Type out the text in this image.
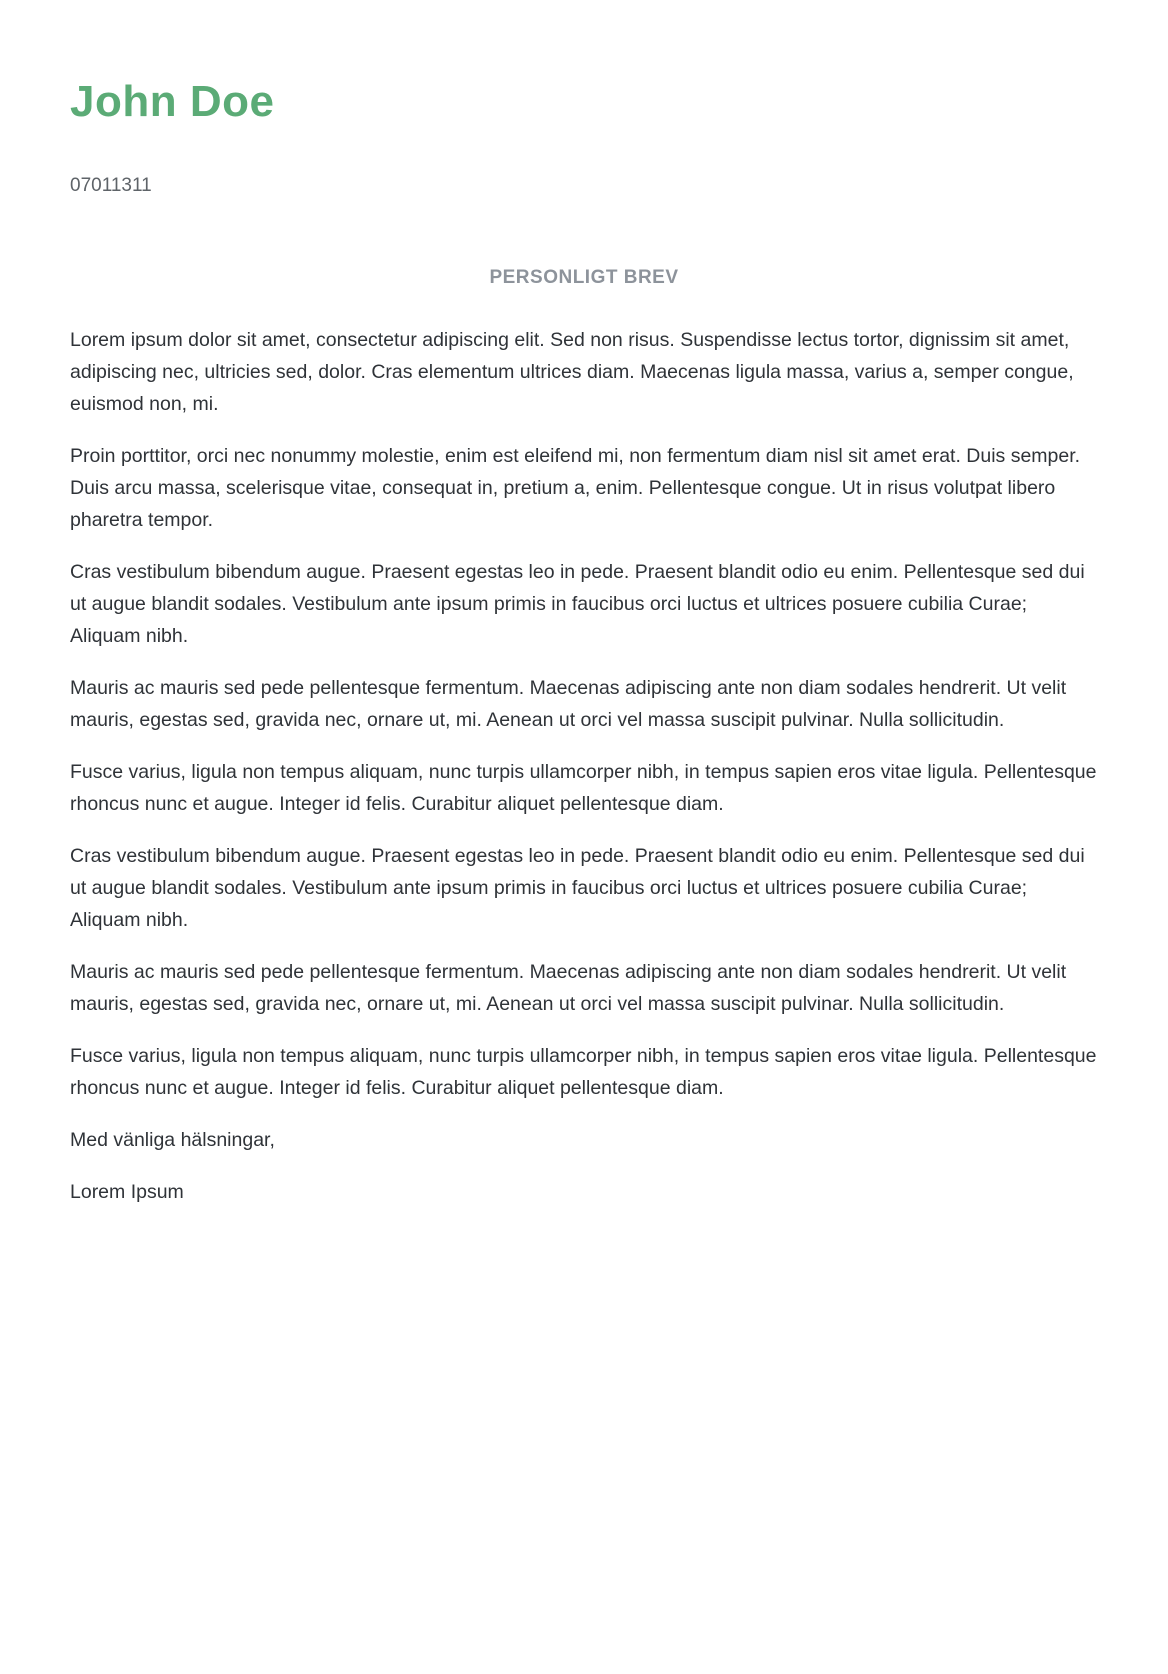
John Doe
07011311
PERSONLIGT BREV

Lorem ipsum dolor sit amet, consectetur adipiscing elit. Sed non risus. Suspendisse lectus tortor, dignissim sit amet, adipiscing nec, ultricies sed, dolor. Cras elementum ultrices diam. Maecenas ligula massa, varius a, semper congue, euismod non, mi.

Proin porttitor, orci nec nonummy molestie, enim est eleifend mi, non fermentum diam nisl sit amet erat. Duis semper. Duis arcu massa, scelerisque vitae, consequat in, pretium a, enim. Pellentesque congue. Ut in risus volutpat libero pharetra tempor.

Cras vestibulum bibendum augue. Praesent egestas leo in pede. Praesent blandit odio eu enim. Pellentesque sed dui ut augue blandit sodales. Vestibulum ante ipsum primis in faucibus orci luctus et ultrices posuere cubilia Curae; Aliquam nibh.

Mauris ac mauris sed pede pellentesque fermentum. Maecenas adipiscing ante non diam sodales hendrerit. Ut velit mauris, egestas sed, gravida nec, ornare ut, mi. Aenean ut orci vel massa suscipit pulvinar. Nulla sollicitudin.

Fusce varius, ligula non tempus aliquam, nunc turpis ullamcorper nibh, in tempus sapien eros vitae ligula. Pellentesque rhoncus nunc et augue. Integer id felis. Curabitur aliquet pellentesque diam.

Cras vestibulum bibendum augue. Praesent egestas leo in pede. Praesent blandit odio eu enim. Pellentesque sed dui ut augue blandit sodales. Vestibulum ante ipsum primis in faucibus orci luctus et ultrices posuere cubilia Curae; Aliquam nibh.

Mauris ac mauris sed pede pellentesque fermentum. Maecenas adipiscing ante non diam sodales hendrerit. Ut velit mauris, egestas sed, gravida nec, ornare ut, mi. Aenean ut orci vel massa suscipit pulvinar. Nulla sollicitudin.

Fusce varius, ligula non tempus aliquam, nunc turpis ullamcorper nibh, in tempus sapien eros vitae ligula. Pellentesque rhoncus nunc et augue. Integer id felis. Curabitur aliquet pellentesque diam.

Med vänliga hälsningar,

Lorem Ipsum
